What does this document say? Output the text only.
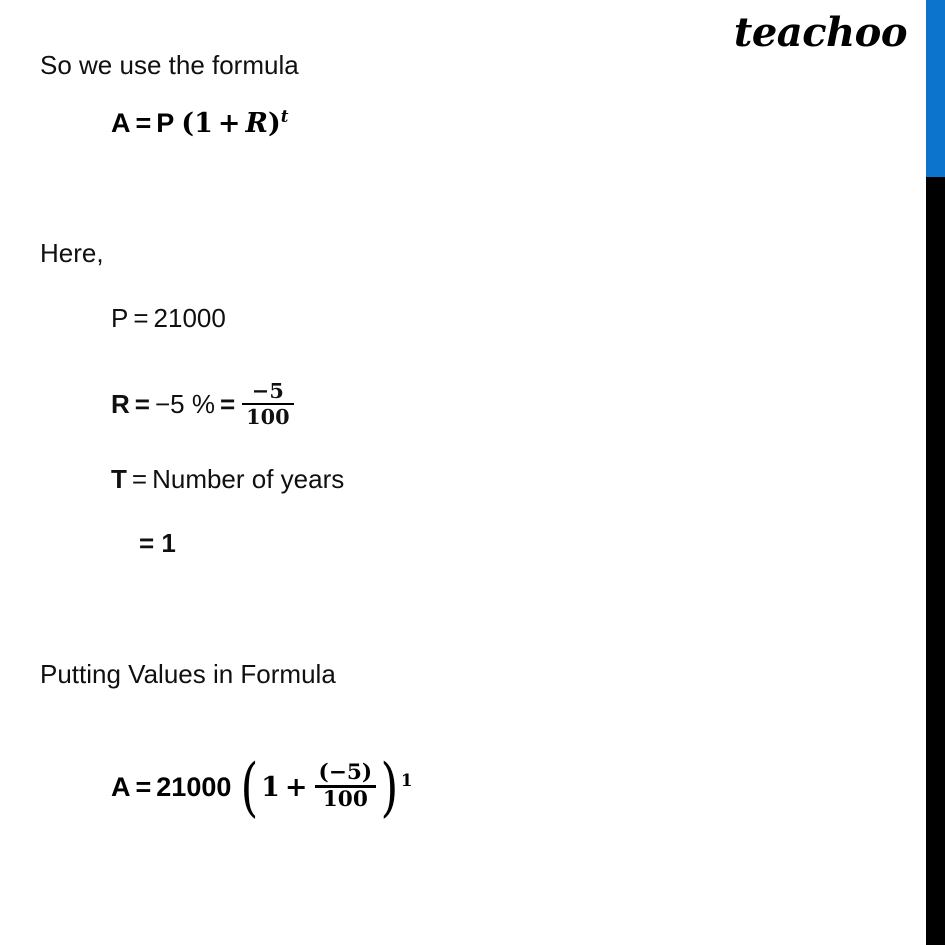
teachoo
So we use the formula
A = P $(1 + R)^t$
Here,
P = 21000
R = −5 % = $\frac{-5}{100}$
T = Number of years
= 1
Putting Values in Formula
A = 21000 ($1 + \frac{(-5)}{100}$ ) $^1$
